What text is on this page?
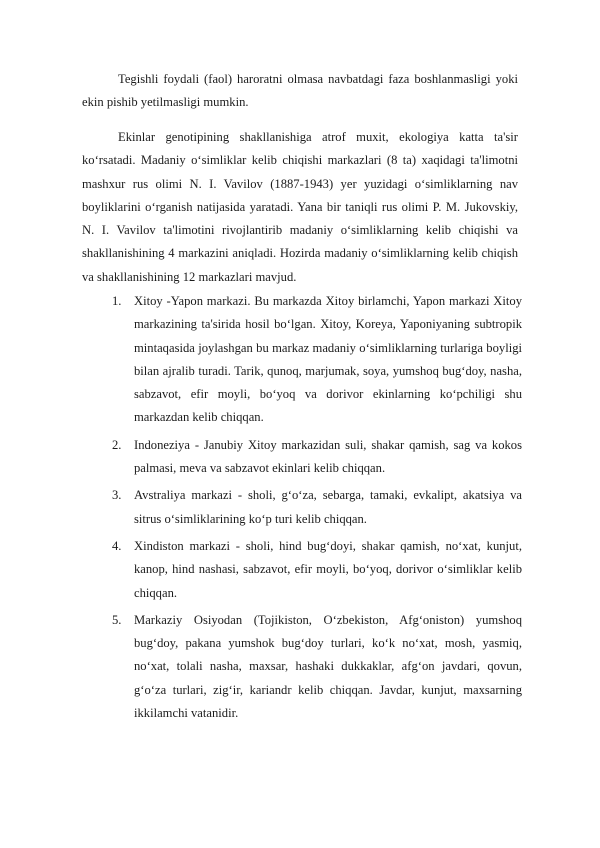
Tegishli foydali (faol) haroratni olmasa navbatdagi faza boshlanmasligi yoki ekin pishib yetilmasligi mumkin.

Ekinlar genotipining shakllanishiga atrof muxit, ekologiya katta ta'sir ko‘rsatadi. Madaniy o‘simliklar kelib chiqishi markazlari (8 ta) xaqidagi ta'limotni mashxur rus olimi N. I. Vavilov (1887-1943) yer yuzidagi o‘simliklarning nav boyliklarini o‘rganish natijasida yaratadi. Yana bir taniqli rus olimi P. M. Jukovskiy, N. I. Vavilov ta'limotini rivojlantirib madaniy o‘simliklarning kelib chiqishi va shakllanishining 4 markazini aniqladi. Hozirda madaniy o‘simliklarning kelib chiqish va shakllanishining 12 markazlari mavjud.

1. Xitoy -Yapon markazi. Bu markazda Xitoy birlamchi, Yapon markazi Xitoy markazining ta'sirida hosil bo‘lgan. Xitoy, Koreya, Yaponiyaning subtropik mintaqasida joylashgan bu markaz madaniy o‘simliklarning turlariga boyligi bilan ajralib turadi. Tarik, qunoq, marjumak, soya, yumshoq bug‘doy, nasha, sabzavot, efir moyli, bo‘yoq va dorivor ekinlarning ko‘pchiligi shu markazdan kelib chiqqan.
2. Indoneziya - Janubiy Xitoy markazidan suli, shakar qamish, sag va kokos palmasi, meva va sabzavot ekinlari kelib chiqqan.
3. Avstraliya markazi - sholi, g‘o‘za, sebarga, tamaki, evkalipt, akatsiya va sitrus o‘simliklarining ko‘p turi kelib chiqqan.
4. Xindiston markazi - sholi, hind bug‘doyi, shakar qamish, no‘xat, kunjut, kanop, hind nashasi, sabzavot, efir moyli, bo‘yoq, dorivor o‘simliklar kelib chiqqan.
5. Markaziy Osiyodan (Tojikiston, O‘zbekiston, Afg‘oniston) yumshoq bug‘doy, pakana yumshok bug‘doy turlari, ko‘k no‘xat, mosh, yasmiq, no‘xat, tolali nasha, maxsar, hashaki dukkaklar, afg‘on javdari, qovun, g‘o‘za turlari, zig‘ir, kariandr kelib chiqqan. Javdar, kunjut, maxsarning ikkilamchi vatanidir.
